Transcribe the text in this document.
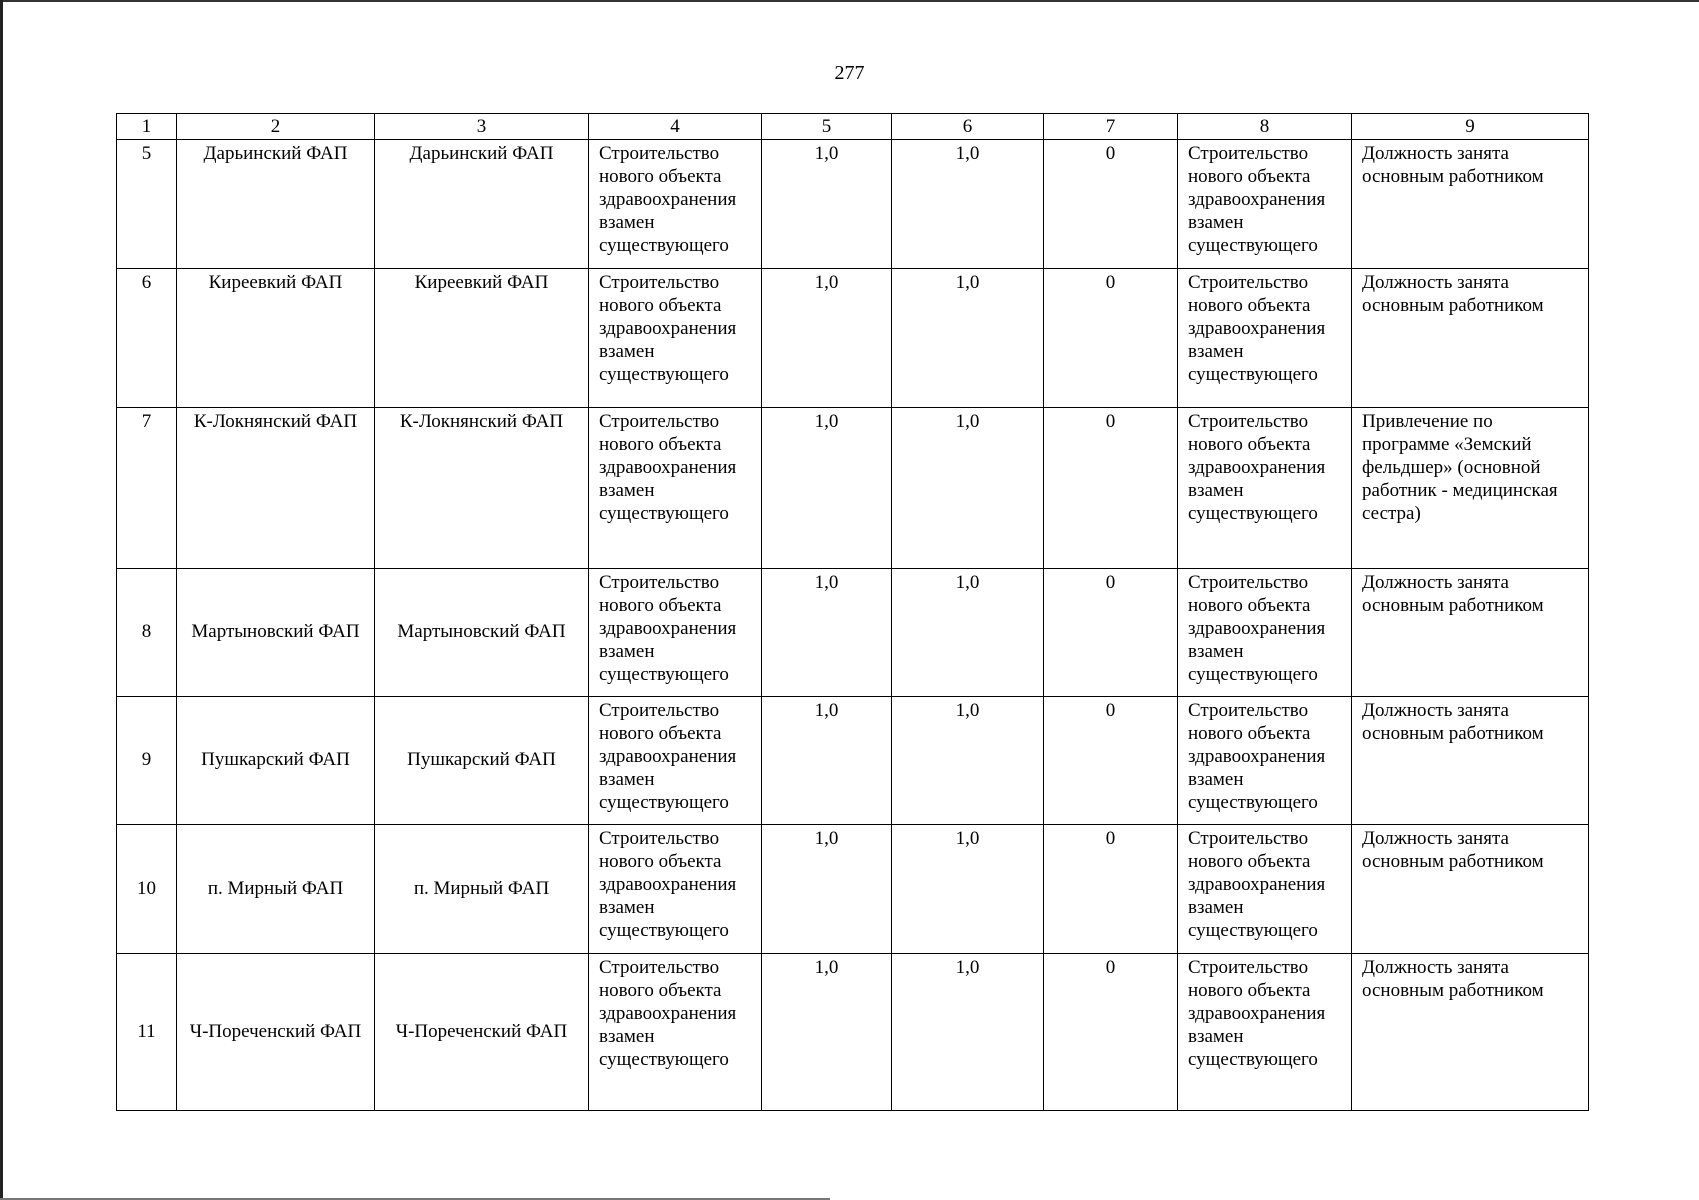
277
1	2	3	4	5	6	7	8	9
5	Дарьинский ФАП	Дарьинский ФАП	Строительство нового объекта здравоохранения взамен существующего	1,0	1,0	0	Строительство нового объекта здравоохранения взамен существующего	Должность занята основным работником
6	Киреевкий ФАП	Киреевкий ФАП	Строительство нового объекта здравоохранения взамен существующего	1,0	1,0	0	Строительство нового объекта здравоохранения взамен существующего	Должность занята основным работником
7	К-Локнянский ФАП	К-Локнянский ФАП	Строительство нового объекта здравоохранения взамен существующего	1,0	1,0	0	Строительство нового объекта здравоохранения взамен существующего	Привлечение по программе «Земский фельдшер» (основной работник - медицинская сестра)
8	Мартыновский ФАП	Мартыновский ФАП	Строительство нового объекта здравоохранения взамен существующего	1,0	1,0	0	Строительство нового объекта здравоохранения взамен существующего	Должность занята основным работником
9	Пушкарский ФАП	Пушкарский ФАП	Строительство нового объекта здравоохранения взамен существующего	1,0	1,0	0	Строительство нового объекта здравоохранения взамен существующего	Должность занята основным работником
10	п. Мирный ФАП	п. Мирный ФАП	Строительство нового объекта здравоохранения взамен существующего	1,0	1,0	0	Строительство нового объекта здравоохранения взамен существующего	Должность занята основным работником
11	Ч-Пореченский ФАП	Ч-Пореченский ФАП	Строительство нового объекта здравоохранения взамен существующего	1,0	1,0	0	Строительство нового объекта здравоохранения взамен существующего	Должность занята основным работником
